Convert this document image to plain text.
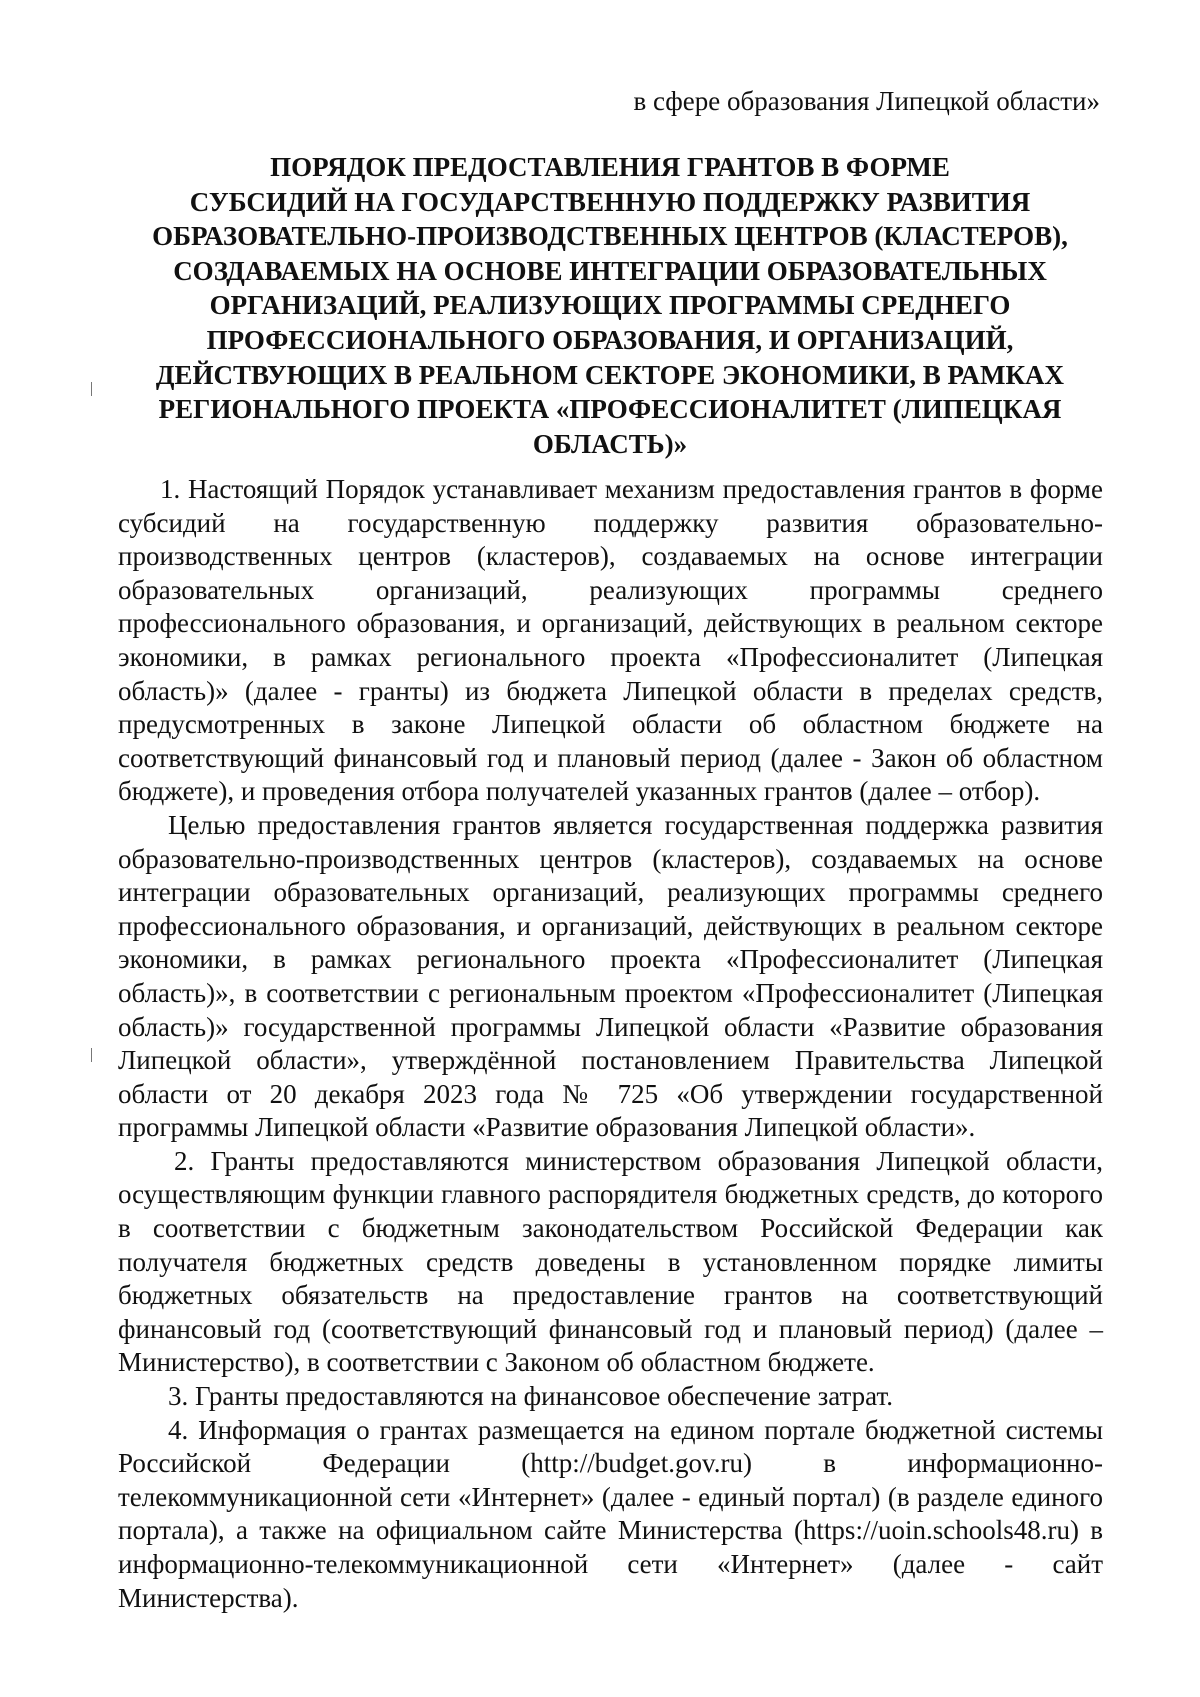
в сфере образования Липецкой области»
ПОРЯДОК ПРЕДОСТАВЛЕНИЯ ГРАНТОВ В ФОРМЕ
СУБСИДИЙ НА ГОСУДАРСТВЕННУЮ ПОДДЕРЖКУ РАЗВИТИЯ
ОБРАЗОВАТЕЛЬНО-ПРОИЗВОДСТВЕННЫХ ЦЕНТРОВ (КЛАСТЕРОВ),
СОЗДАВАЕМЫХ НА ОСНОВЕ ИНТЕГРАЦИИ ОБРАЗОВАТЕЛЬНЫХ
ОРГАНИЗАЦИЙ, РЕАЛИЗУЮЩИХ ПРОГРАММЫ СРЕДНЕГО
ПРОФЕССИОНАЛЬНОГО ОБРАЗОВАНИЯ, И ОРГАНИЗАЦИЙ,
ДЕЙСТВУЮЩИХ В РЕАЛЬНОМ СЕКТОРЕ ЭКОНОМИКИ, В РАМКАХ
РЕГИОНАЛЬНОГО ПРОЕКТА «ПРОФЕССИОНАЛИТЕТ (ЛИПЕЦКАЯ
ОБЛАСТЬ)»

1. Настоящий Порядок устанавливает механизм предоставления грантов в форме субсидий на государственную поддержку развития образовательно-производственных центров (кластеров), создаваемых на основе интеграции образовательных организаций, реализующих программы среднего профессионального образования, и организаций, действующих в реальном секторе экономики, в рамках регионального проекта «Профессионалитет (Липецкая область)» (далее - гранты) из бюджета Липецкой области в пределах средств, предусмотренных в законе Липецкой области об областном бюджете на соответствующий финансовый год и плановый период (далее - Закон об областном бюджете), и проведения отбора получателей указанных грантов (далее – отбор).

Целью предоставления грантов является государственная поддержка развития образовательно-производственных центров (кластеров), создаваемых на основе интеграции образовательных организаций, реализующих программы среднего профессионального образования, и организаций, действующих в реальном секторе экономики, в рамках регионального проекта «Профессионалитет (Липецкая область)», в соответствии с региональным проектом «Профессионалитет (Липецкая область)» государственной программы Липецкой области «Развитие образования Липецкой области», утверждённой постановлением Правительства Липецкой области от 20 декабря 2023 года № 725 «Об утверждении государственной программы Липецкой области «Развитие образования Липецкой области».

2. Гранты предоставляются министерством образования Липецкой области, осуществляющим функции главного распорядителя бюджетных средств, до которого в соответствии с бюджетным законодательством Российской Федерации как получателя бюджетных средств доведены в установленном порядке лимиты бюджетных обязательств на предоставление грантов на соответствующий финансовый год (соответствующий финансовый год и плановый период) (далее – Министерство), в соответствии с Законом об областном бюджете.

3. Гранты предоставляются на финансовое обеспечение затрат.

4. Информация о грантах размещается на едином портале бюджетной системы Российской Федерации (http://budget.gov.ru) в информационно-телекоммуникационной сети «Интернет» (далее - единый портал) (в разделе единого портала), а также на официальном сайте Министерства (https://uoin.schools48.ru) в информационно-телекоммуникационной сети «Интернет» (далее - сайт Министерства).
